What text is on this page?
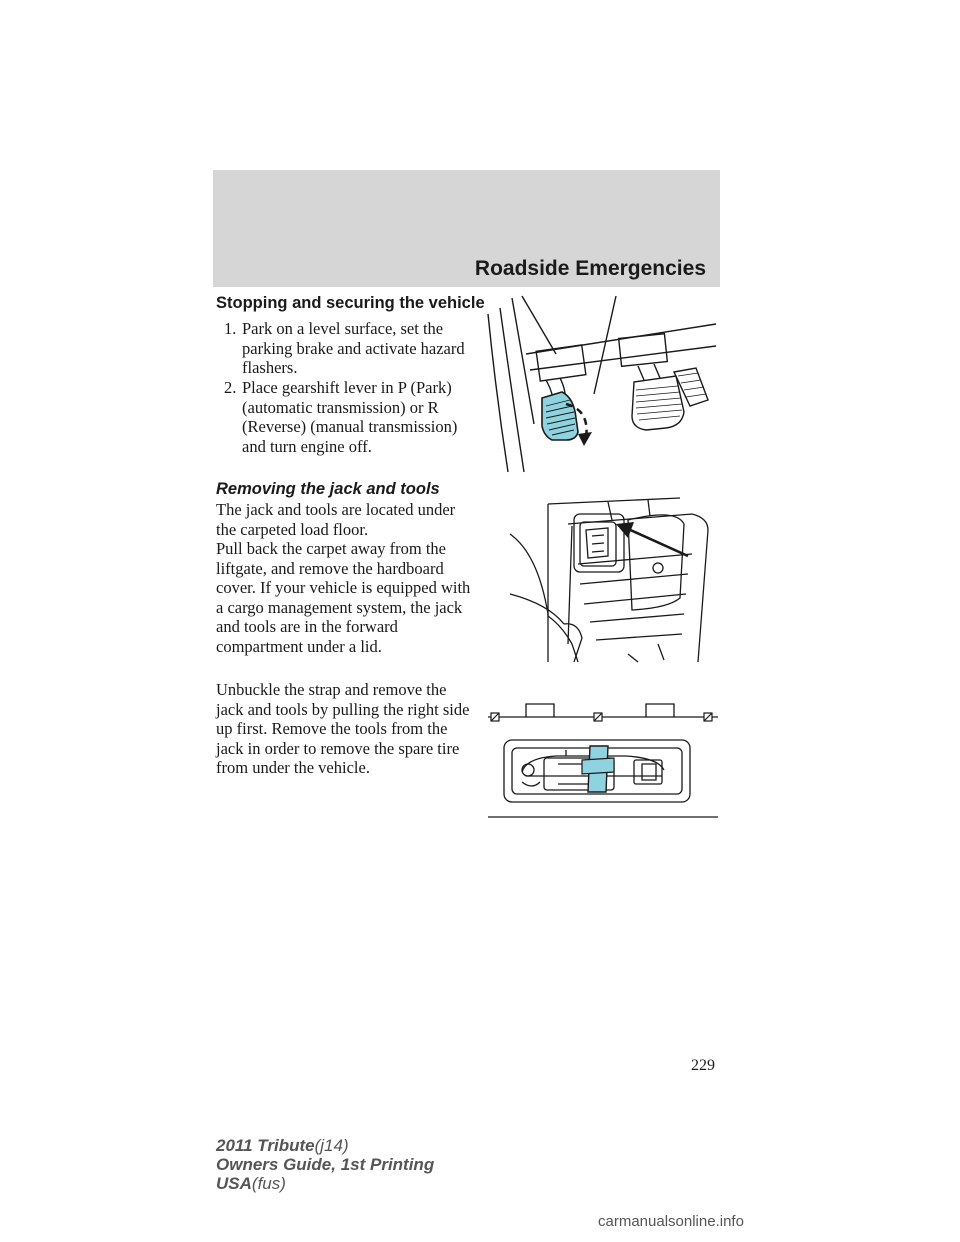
Roadside Emergencies
Stopping and securing the vehicle
1. Park on a level surface, set the parking brake and activate hazard flashers.
2. Place gearshift lever in P (Park) (automatic transmission) or R (Reverse) (manual transmission) and turn engine off.
Removing the jack and tools

The jack and tools are located under the carpeted load floor.

Pull back the carpet away from the liftgate, and remove the hardboard cover. If your vehicle is equipped with a cargo management system, the jack and tools are in the forward compartment under a lid.

Unbuckle the strap and remove the jack and tools by pulling the right side up first. Remove the tools from the jack in order to remove the spare tire from under the vehicle.

229
2011 Tribute(j14)
Owners Guide, 1st Printing
USA(fus)
carmanualsonline.info
